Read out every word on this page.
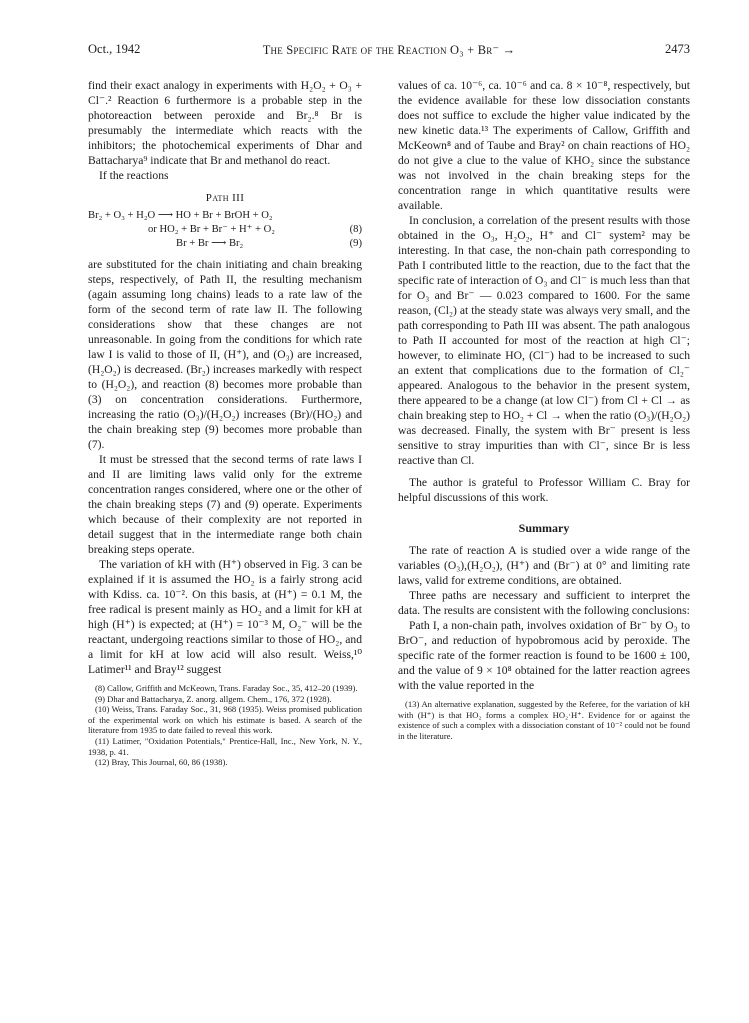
Oct., 1942	The Specific Rate of the Reaction O₃ + Br⁻ →	2473

find their exact analogy in experiments with H₂O₂ + O₃ + Cl⁻.² Reaction 6 furthermore is a probable step in the photoreaction between peroxide and Br₂.⁸ Br is presumably the intermediate which reacts with the inhibitors; the photochemical experiments of Dhar and Battacharya⁹ indicate that Br and methanol do react.

If the reactions

Path III
Br₂ + O₃ + H₂O ⟶ HO + Br + BrOH + O₂
or HO₂ + Br + Br⁻ + H⁺ + O₂	(8)
Br + Br ⟶ Br₂	(9)

are substituted for the chain initiating and chain breaking steps, respectively, of Path II, the resulting mechanism (again assuming long chains) leads to a rate law of the form of the second term of rate law II. The following considerations show that these changes are not unreasonable. In going from the conditions for which rate law I is valid to those of II, (H⁺), and (O₃) are increased, (H₂O₂) is decreased. (Br₂) increases markedly with respect to (H₂O₂), and reaction (8) becomes more probable than (3) on concentration considerations. Furthermore, increasing the ratio (O₃)/(H₂O₂) increases (Br)/(HO₂) and the chain breaking step (9) becomes more probable than (7).

It must be stressed that the second terms of rate laws I and II are limiting laws valid only for the extreme concentration ranges considered, where one or the other of the chain breaking steps (7) and (9) operate. Experiments which because of their complexity are not reported in detail suggest that in the intermediate range both chain breaking steps operate.

The variation of kH with (H⁺) observed in Fig. 3 can be explained if it is assumed the HO₂ is a fairly strong acid with Kdiss. ca. 10⁻². On this basis, at (H⁺) = 0.1 M, the free radical is present mainly as HO₂ and a limit for kH at high (H⁺) is expected; at (H⁺) = 10⁻³ M, O₂⁻ will be the reactant, undergoing reactions similar to those of HO₂, and a limit for kH at low acid will also result. Weiss,¹⁰ Latimer¹¹ and Bray¹² suggest

(8) Callow, Griffith and McKeown, Trans. Faraday Soc., 35, 412–20 (1939).
(9) Dhar and Battacharya, Z. anorg. allgem. Chem., 176, 372 (1928).
(10) Weiss, Trans. Faraday Soc., 31, 968 (1935). Weiss promised publication of the experimental work on which his estimate is based. A search of the literature from 1935 to date failed to reveal this work.
(11) Latimer, "Oxidation Potentials," Prentice-Hall, Inc., New York, N. Y., 1938, p. 41.
(12) Bray, This Journal, 60, 86 (1938).

values of ca. 10⁻⁶, ca. 10⁻⁶ and ca. 8 × 10⁻⁸, respectively, but the evidence available for these low dissociation constants does not suffice to exclude the higher value indicated by the new kinetic data.¹³ The experiments of Callow, Griffith and McKeown⁸ and of Taube and Bray² on chain reactions of HO₂ do not give a clue to the value of KHO₂ since the substance was not involved in the chain breaking steps for the concentration range in which quantitative results were available.

In conclusion, a correlation of the present results with those obtained in the O₃, H₂O₂, H⁺ and Cl⁻ system² may be interesting. In that case, the non-chain path corresponding to Path I contributed little to the reaction, due to the fact that the specific rate of interaction of O₃ and Cl⁻ is much less than that for O₃ and Br⁻ — 0.023 compared to 1600. For the same reason, (Cl₂) at the steady state was always very small, and the path corresponding to Path III was absent. The path analogous to Path II accounted for most of the reaction at high Cl⁻; however, to eliminate HO, (Cl⁻) had to be increased to such an extent that complications due to the formation of Cl₂⁻ appeared. Analogous to the behavior in the present system, there appeared to be a change (at low Cl⁻) from Cl + Cl → as chain breaking step to HO₂ + Cl → when the ratio (O₃)/(H₂O₂) was decreased. Finally, the system with Br⁻ present is less sensitive to stray impurities than with Cl⁻, since Br is less reactive than Cl.

The author is grateful to Professor William C. Bray for helpful discussions of this work.

Summary

The rate of reaction A is studied over a wide range of the variables (O₃),(H₂O₂), (H⁺) and (Br⁻) at 0° and limiting rate laws, valid for extreme conditions, are obtained.

Three paths are necessary and sufficient to interpret the data. The results are consistent with the following conclusions:

Path I, a non-chain path, involves oxidation of Br⁻ by O₃ to BrO⁻, and reduction of hypobromous acid by peroxide. The specific rate of the former reaction is found to be 1600 ± 100, and the value of 9 × 10⁸ obtained for the latter reaction agrees with the value reported in the

(13) An alternative explanation, suggested by the Referee, for the variation of kH with (H⁺) is that HO₂ forms a complex HO₂·H⁺. Evidence for or against the existence of such a complex with a dissociation constant of 10⁻² could not be found in the literature.
